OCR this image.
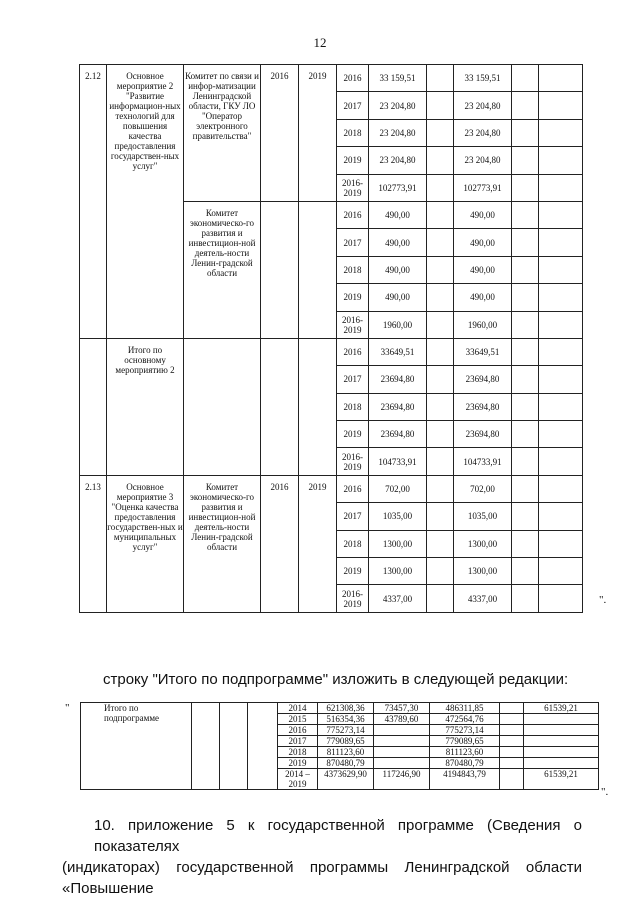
12
2.12	Основное мероприятие 2 "Развитие информацион-ных технологий для повышения качества предоставления государствен-ных услуг"	Комитет по связи и инфор-матизации Ленинградской области, ГКУ ЛО "Оператор электронного правительства"	2016	2019	2016	33 159,51		33 159,51		
					2017	23 204,80		23 204,80		
					2018	23 204,80		23 204,80		
					2019	23 204,80		23 204,80		
					2016-2019	102773,91		102773,91		
		Комитет экономическо-го развития и инвестицион-ной деятель-ности Ленин-градской области			2016	490,00		490,00		
					2017	490,00		490,00		
					2018	490,00		490,00		
					2019	490,00		490,00		
					2016-2019	1960,00		1960,00		
	Итого по основному мероприятию 2				2016	33649,51		33649,51		
					2017	23694,80		23694,80		
					2018	23694,80		23694,80		
					2019	23694,80		23694,80		
					2016-2019	104733,91		104733,91		
2.13	Основное мероприятие 3 "Оценка качества предоставления государствен-ных и муниципальных услуг"	Комитет экономическо-го развития и инвестицион-ной деятель-ности Ленин-градской области	2016	2019	2016	702,00		702,00		
					2017	1035,00		1035,00		
					2018	1300,00		1300,00		
					2019	1300,00		1300,00		
					2016-2019	4337,00		4337,00			".
строку "Итого по подпрограмме" изложить в следующей редакции:
"	Итого по подпрограмме				2014	621308,36	73457,30	486311,85		61539,21
				2015	516354,36	43789,60	472564,76		
				2016	775273,14		775273,14		
				2017	779089,65		779089,65		
				2018	811123,60		811123,60		
				2019	870480,79		870480,79		
				2014 – 2019	4373629,90	117246,90	4194843,79		61539,21
".
10. приложение 5 к государственной программе (Сведения о показателях
(индикаторах) государственной программы Ленинградской области «Повышение
